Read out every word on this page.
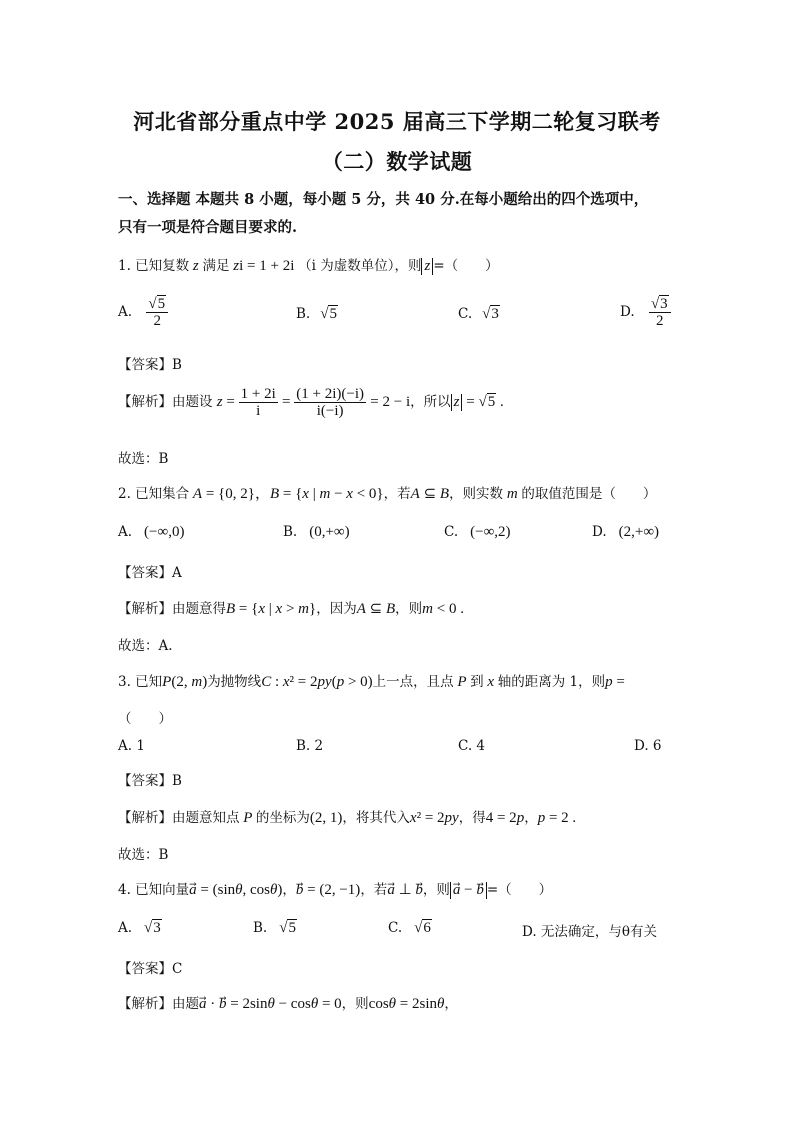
河北省部分重点中学 2025 届高三下学期二轮复习联考
（二）数学试题
一、选择题 本题共 8 小题，每小题 5 分，共 40 分.在每小题给出的四个选项中，
只有一项是符合题目要求的.
1. 已知复数 z 满足 zi = 1 + 2i （i 为虚数单位），则 z =（　　）
A. $\frac{√5}{2}$	B. √5	C. √3	D. $\frac{√3}{2}$
【答案】B
【解析】由题设 $z = \frac{1 + 2i}{i} = \frac{(1 + 2i)(-i)}{i(-i)} = 2 - i$，所以 z = √5 .
故选：B
2. 已知集合 A = {0, 2}，B = {x | m − x < 0}，若A ⊆ B，则实数 m 的取值范围是（　　）
A. (−∞,0)	B. (0,+∞)	C. (−∞,2)	D. (2,+∞)
【答案】A
【解析】由题意得B = {x | x > m}，因为A ⊆ B，则m < 0 .
故选：A.
3. 已知P(2, m)为抛物线C : x² = 2py(p > 0)上一点，且点 P 到 x 轴的距离为 1，则p =
（　　）
A. 1	B. 2	C. 4	D. 6
【答案】B
【解析】由题意知点 P 的坐标为(2, 1)，将其代入x² = 2py，得4 = 2p，p = 2 .
故选：B
4. 已知向量a⃗ = (sinθ, cosθ)，b⃗ = (2, −1)，若a⃗ ⊥ b，则 a⃗ − b =（　　）
A. √3	B. √5	C. √6	D. 无法确定，与θ有关
【答案】C
【解析】由题a⃗ · b⃗ = 2sinθ − cosθ = 0，则cosθ = 2sinθ，
